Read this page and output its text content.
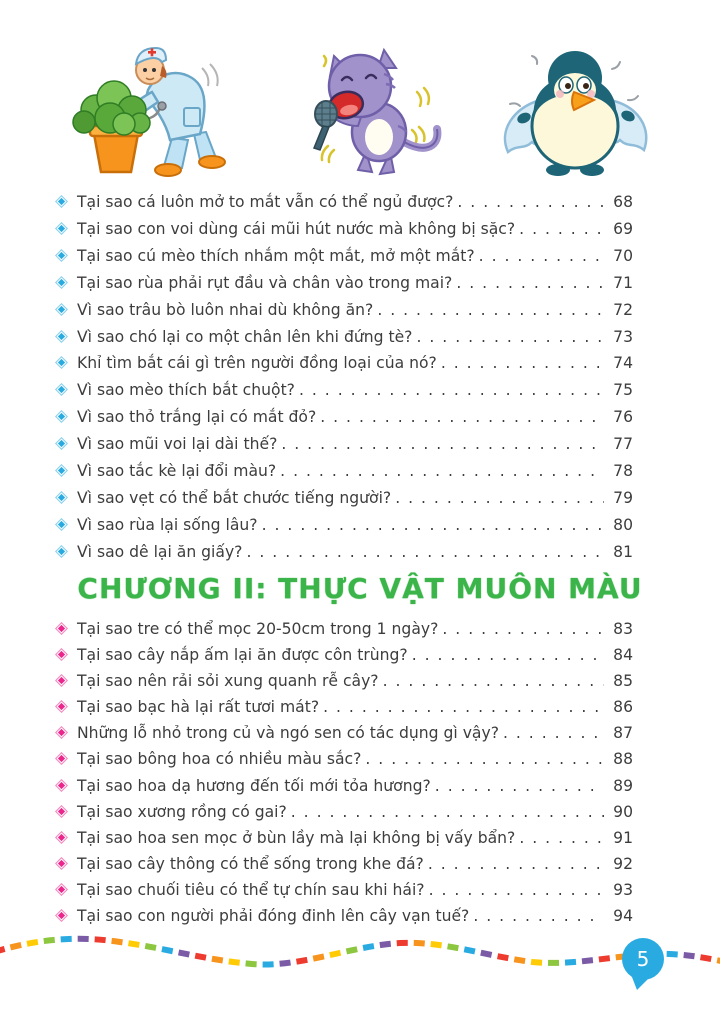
Tại sao cá luôn mở to mắt vẫn có thể ngủ được? . . .	68
Tại sao con voi dùng cái mũi hút nước mà không bị sặc? . . .	69
Tại sao cú mèo thích nhắm một mắt, mở một mắt? . . .	70
Tại sao rùa phải rụt đầu và chân vào trong mai? . . .	71
Vì sao trâu bò luôn nhai dù không ăn? . . .	72
Vì sao chó lại co một chân lên khi đứng tè? . . .	73
Khỉ tìm bắt cái gì trên người đồng loại của nó? . . .	74
Vì sao mèo thích bắt chuột? . . .	75
Vì sao thỏ trắng lại có mắt đỏ? . . .	76
Vì sao mũi voi lại dài thế? . . .	77
Vì sao tắc kè lại đổi màu? . . .	78
Vì sao vẹt có thể bắt chước tiếng người? . . .	79
Vì sao rùa lại sống lâu? . . .	80
Vì sao dê lại ăn giấy? . . .	81
CHƯƠNG II: THỰC VẬT MUÔN MÀU
Tại sao tre có thể mọc 20-50cm trong 1 ngày? . . .	83
Tại sao cây nắp ấm lại ăn được côn trùng? . . .	84
Tại sao nên rải sỏi xung quanh rễ cây? . . .	85
Tại sao bạc hà lại rất tươi mát? . . .	86
Những lỗ nhỏ trong củ và ngó sen có tác dụng gì vậy? . . .	87
Tại sao bông hoa có nhiều màu sắc? . . .	88
Tại sao hoa dạ hương đến tối mới tỏa hương? . . .	89
Tại sao xương rồng có gai? . . .	90
Tại sao hoa sen mọc ở bùn lầy mà lại không bị vấy bẩn? . . .	91
Tại sao cây thông có thể sống trong khe đá? . . .	92
Tại sao chuối tiêu có thể tự chín sau khi hái? . . .	93
Tại sao con người phải đóng đinh lên cây vạn tuế? . . .	94
5
